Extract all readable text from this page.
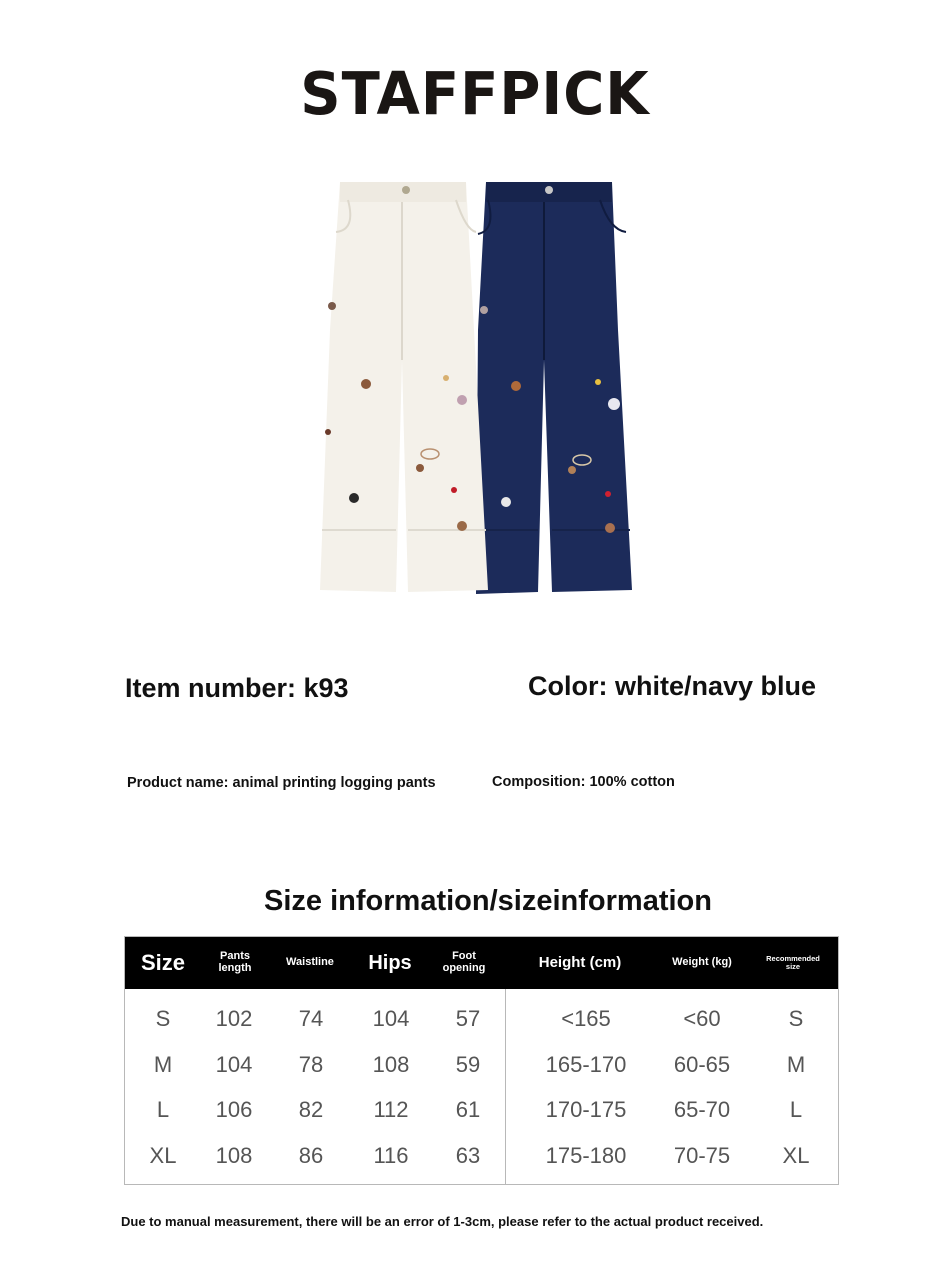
STAFFPICK
Item number: k93	Color: white/navy blue
Product name: animal printing logging pants	Composition: 100% cotton
Size information/sizeinformation
Size	Pants length	Waistline	Hips	Foot opening	Height (cm)	Weight (kg)	Recommended size
S	102	74	104	57	<165	<60	S
M	104	78	108	59	165-170	60-65	M
L	106	82	112	61	170-175	65-70	L
XL	108	86	116	63	175-180	70-75	XL
Due to manual measurement, there will be an error of 1-3cm, please refer to the actual product received.
